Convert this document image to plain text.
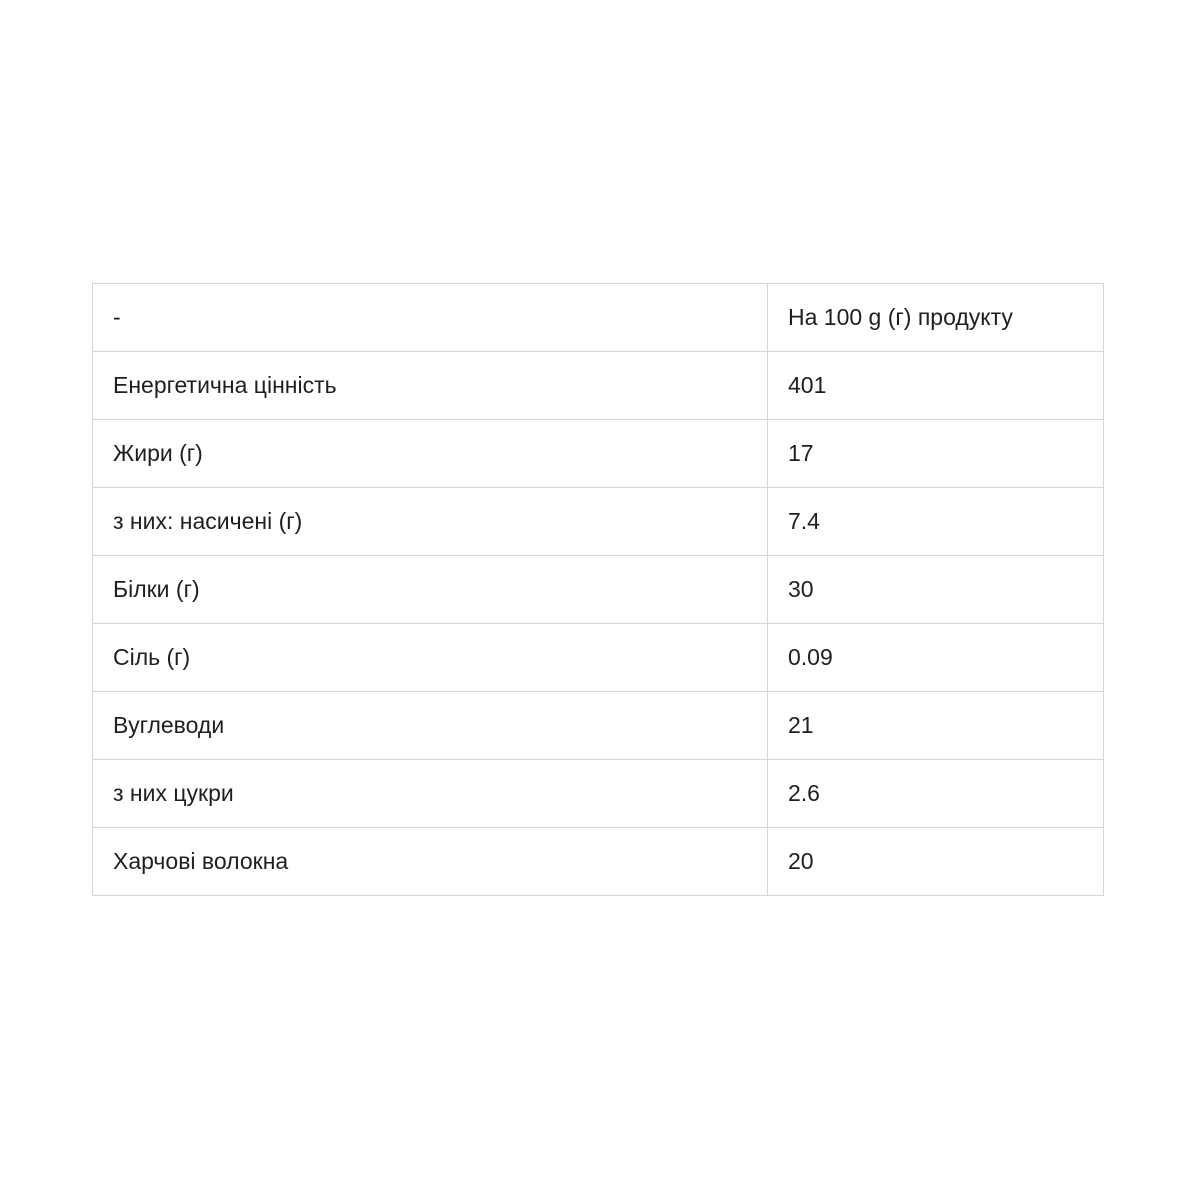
-	На 100 g (г) продукту
Енергетична цінність	401
Жири (г)	17
з них: насичені (г)	7.4
Білки (г)	30
Сіль (г)	0.09
Вуглеводи	21
з них цукри	2.6
Харчові волокна	20
